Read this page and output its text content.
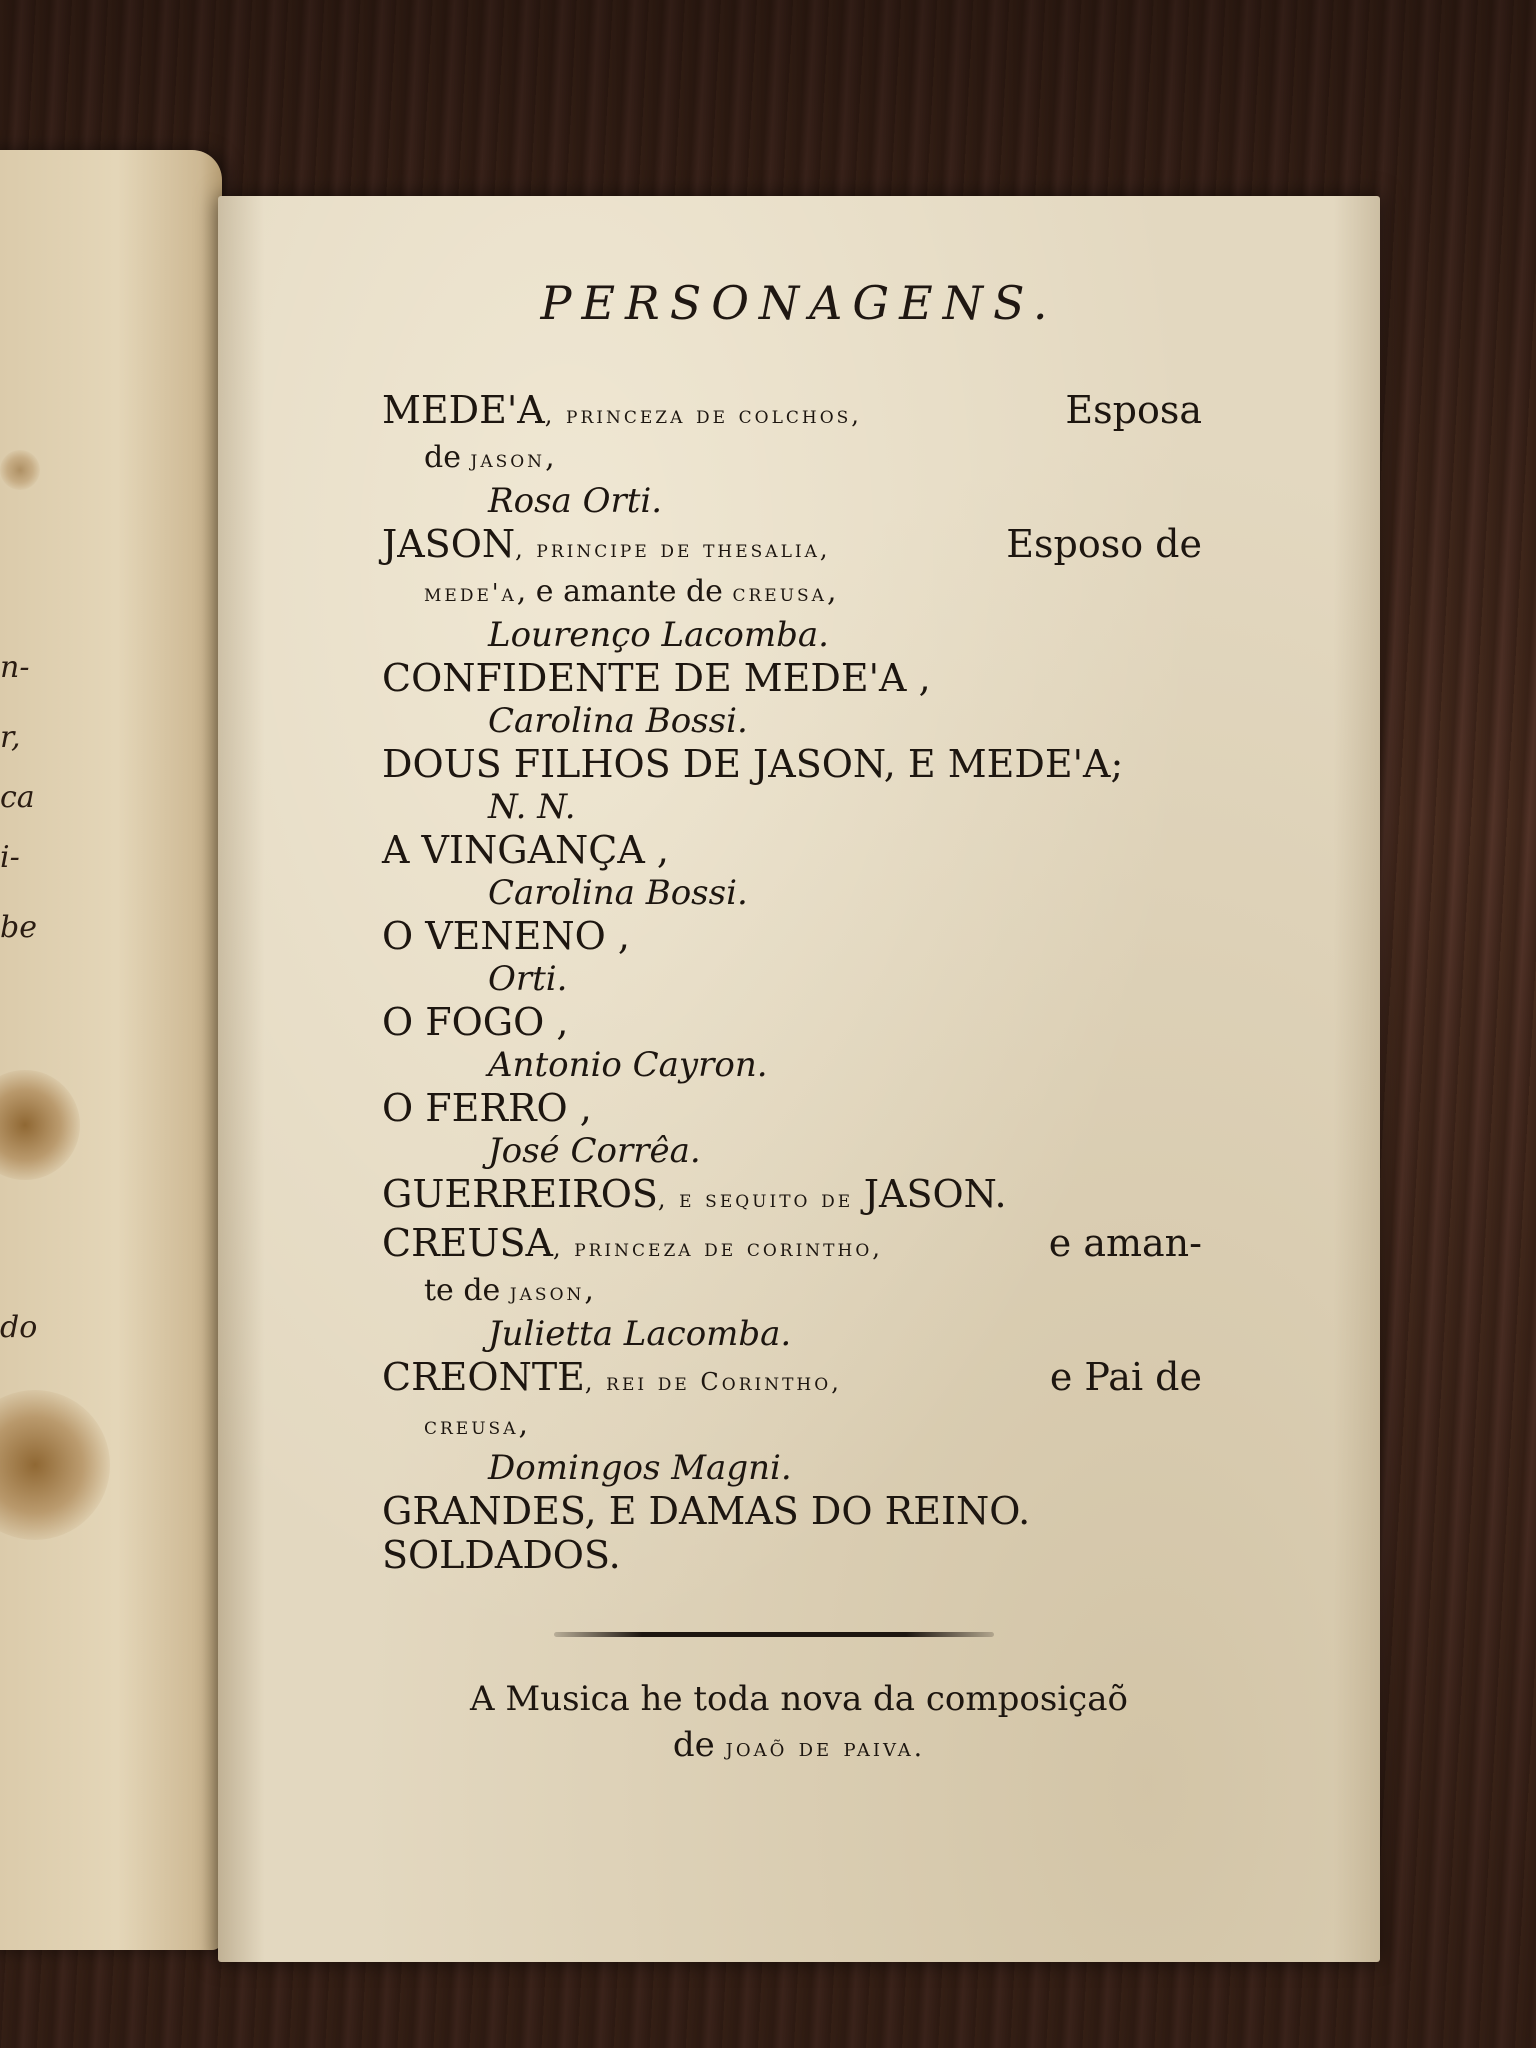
n-
r,
ca
i-
be
do
PERSONAGENS.
MEDE'A, princeza de colchos,	Esposa
de jason,
Rosa Orti.
JASON, principe de thesalia,	Esposo de
mede'a, e amante de creusa,
Lourenço Lacomba.
CONFIDENTE DE MEDE'A ,
Carolina Bossi.
DOUS FILHOS DE JASON, E MEDE'A;
N. N.
A VINGANÇA ,
Carolina Bossi.
O VENENO ,
Orti.
O FOGO ,
Antonio Cayron.
O FERRO ,
José Corrêa.
GUERREIROS, e sequito de JASON.
CREUSA, princeza de corintho,	e aman-
te de jason,
Julietta Lacomba.
CREONTE, rei de Corintho,	e Pai de
creusa,
Domingos Magni.
GRANDES, E DAMAS DO REINO.
SOLDADOS.
A Musica he toda nova da composiçaõ
de joaõ de paiva.
